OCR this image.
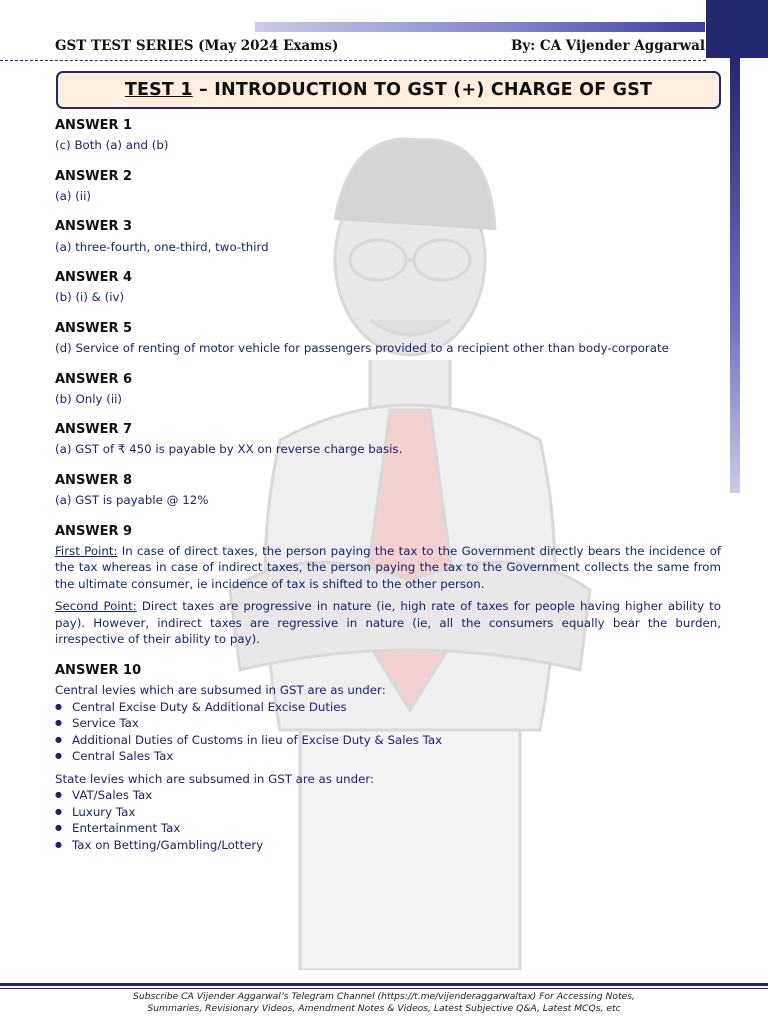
GST TEST SERIES (May 2024 Exams)	By: CA Vijender Aggarwal
TEST 1 – INTRODUCTION TO GST (+) CHARGE OF GST
ANSWER 1

(c) Both (a) and (b)

ANSWER 2

(a) (ii)

ANSWER 3

(a) three-fourth, one-third, two-third

ANSWER 4

(b) (i) & (iv)

ANSWER 5

(d) Service of renting of motor vehicle for passengers provided to a recipient other than body-corporate

ANSWER 6

(b) Only (ii)

ANSWER 7

(a) GST of ₹ 450 is payable by XX on reverse charge basis.

ANSWER 8

(a) GST is payable @ 12%

ANSWER 9

First Point: In case of direct taxes, the person paying the tax to the Government directly bears the incidence of the tax whereas in case of indirect taxes, the person paying the tax to the Government collects the same from the ultimate consumer, ie incidence of tax is shifted to the other person.

Second Point: Direct taxes are progressive in nature (ie, high rate of taxes for people having higher ability to pay). However, indirect taxes are regressive in nature (ie, all the consumers equally bear the burden, irrespective of their ability to pay).

ANSWER 10

Central levies which are subsumed in GST are as under:

● Central Excise Duty & Additional Excise Duties
● Service Tax
● Additional Duties of Customs in lieu of Excise Duty & Sales Tax
● Central Sales Tax

State levies which are subsumed in GST are as under:

● VAT/Sales Tax
● Luxury Tax
● Entertainment Tax
● Tax on Betting/Gambling/Lottery
Subscribe CA Vijender Aggarwal’s Telegram Channel (https://t.me/vijenderaggarwaltax) For Accessing Notes,
Summaries, Revisionary Videos, Amendment Notes & Videos, Latest Subjective Q&A, Latest MCQs, etc
